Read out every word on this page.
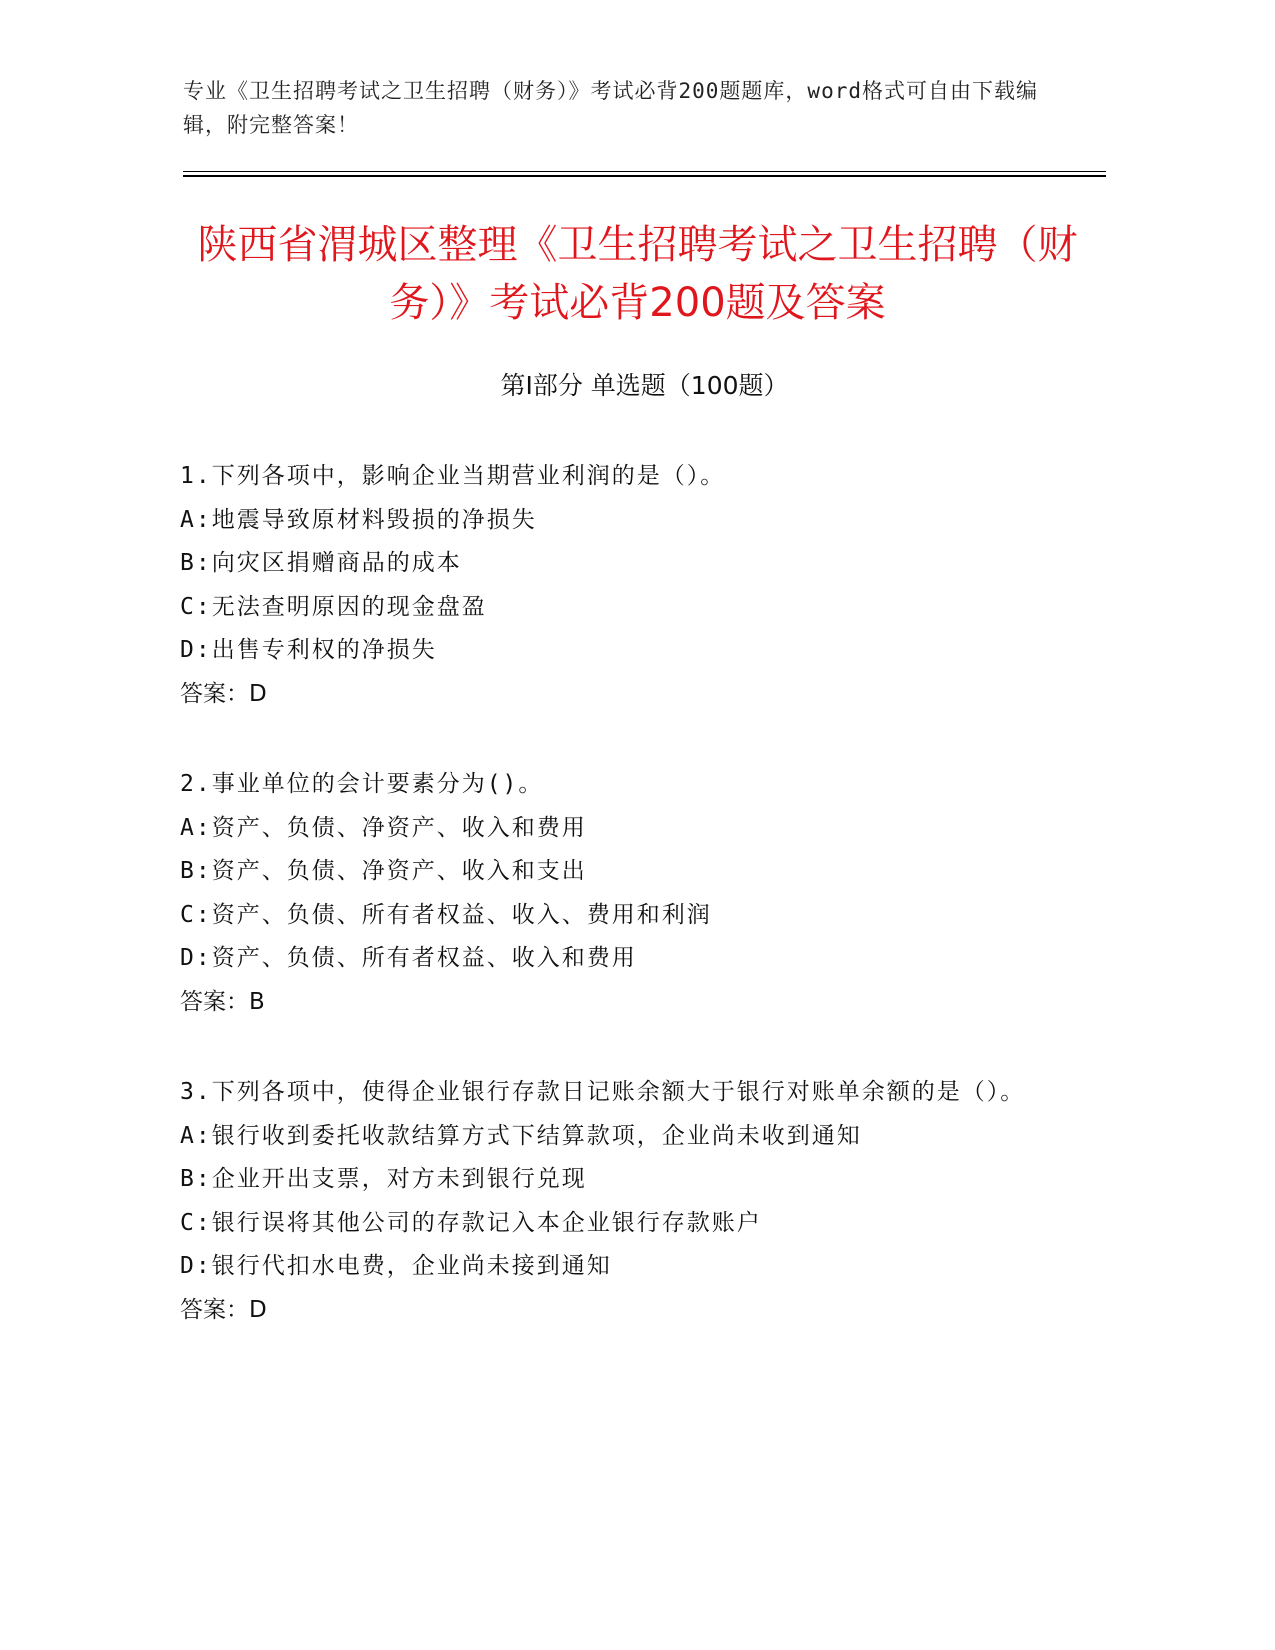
专业《卫生招聘考试之卫生招聘（财务）》考试必背200题题库，word格式可自由下载编辑，附完整答案！
陕西省渭城区整理《卫生招聘考试之卫生招聘（财务）》考试必背200题及答案
第I部分 单选题（100题）
1.下列各项中，影响企业当期营业利润的是（）。
A:地震导致原材料毁损的净损失
B:向灾区捐赠商品的成本
C:无法查明原因的现金盘盈
D:出售专利权的净损失
答案：D
2.事业单位的会计要素分为()。
A:资产、负债、净资产、收入和费用
B:资产、负债、净资产、收入和支出
C:资产、负债、所有者权益、收入、费用和利润
D:资产、负债、所有者权益、收入和费用
答案：B
3.下列各项中，使得企业银行存款日记账余额大于银行对账单余额的是（）。
A:银行收到委托收款结算方式下结算款项，企业尚未收到通知
B:企业开出支票，对方未到银行兑现
C:银行误将其他公司的存款记入本企业银行存款账户
D:银行代扣水电费，企业尚未接到通知
答案：D
